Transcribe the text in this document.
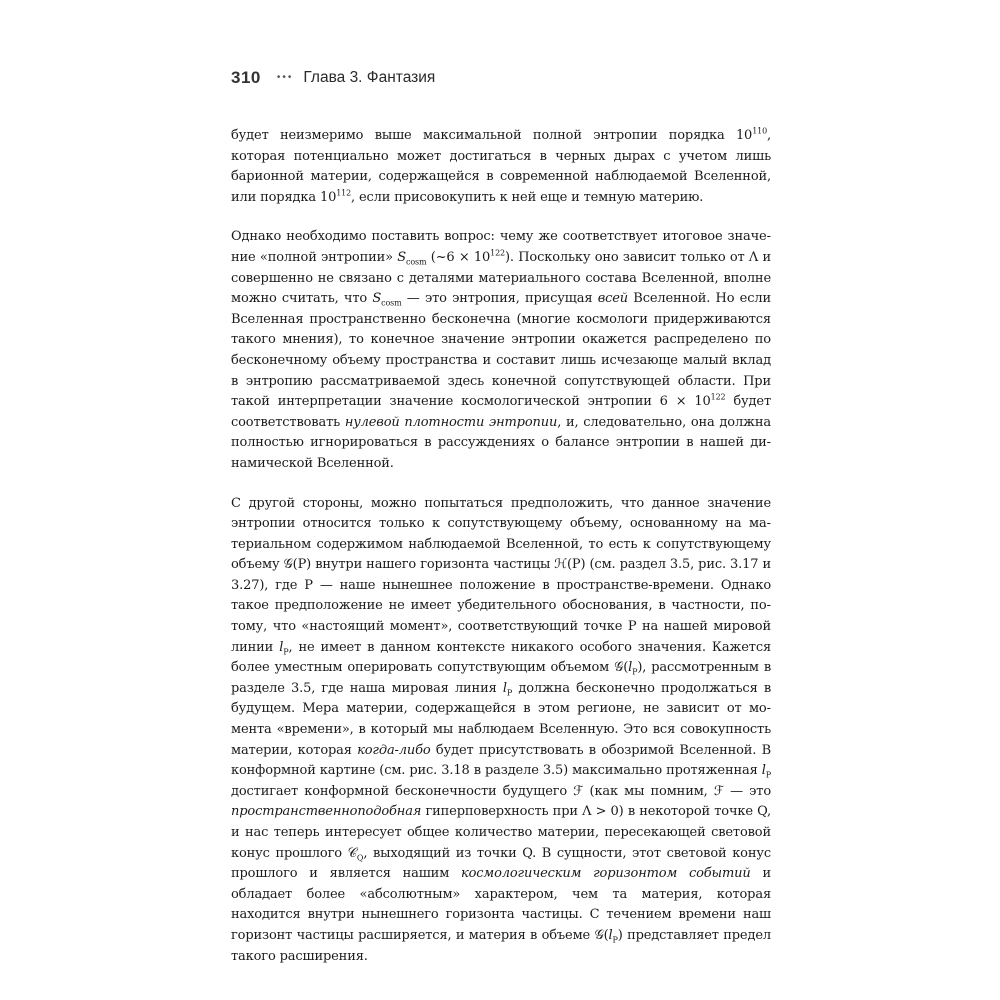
310 ••• Глава 3. Фантазия

будет неизмеримо выше максимальной полной энтропии порядка $10^{110}$, которая потенциально может достигаться в черных дырах с учетом лишь барионной материи, содержащейся в современной наблюдаемой Вселенной, или порядка $10^{112}$, если присовокупить к ней еще и темную материю.

Однако необходимо поставить вопрос: чему же соответствует итоговое значение «полной энтропии» $S_{cosm}$ (~6 × $10^{122}$). Поскольку оно зависит только от Λ и совершенно не связано с деталями материального состава Вселенной, вполне можно считать, что $S_{cosm}$ — это энтропия, присущая всей Вселенной. Но если Вселенная пространственно бесконечна (многие космологи придерживаются такого мнения), то конечное значение энтропии окажется распределено по бесконечному объему пространства и составит лишь исчезающе малый вклад в энтропию рассматриваемой здесь конечной сопутствующей области. При такой интерпретации значение космологической энтропии $6 \times 10^{122}$ будет соответствовать нулевой плотности энтропии, и, следовательно, она должна полностью игнорироваться в рассуждениях о балансе энтропии в нашей динамической Вселенной.

С другой стороны, можно попытаться предположить, что данное значение энтропии относится только к сопутствующему объему, основанному на материальном содержимом наблюдаемой Вселенной, то есть к сопутствующему объему 𝒢(P) внутри нашего горизонта частицы ℋ(P) (см. раздел 3.5, рис. 3.17 и 3.27), где P — наше нынешнее положение в пространстве-времени. Однако такое предположение не имеет убедительного обоснования, в частности, потому, что «настоящий момент», соответствующий точке P на нашей мировой линии $l_P$, не имеет в данном контексте никакого особого значения. Кажется более уместным оперировать сопутствующим объемом $𝒢(l_P)$, рассмотренным в разделе 3.5, где наша мировая линия $l_P$ должна бесконечно продолжаться в будущем. Мера материи, содержащейся в этом регионе, не зависит от момента «времени», в который мы наблюдаем Вселенную. Это вся совокупность материи, которая когда-либо будет присутствовать в обозримой Вселенной. В конформной картине (см. рис. 3.18 в разделе 3.5) максимально протяженная $l_P$ достигает конформной бесконечности будущего ℱ (как мы помним, ℱ — это пространственноподобная гиперповерхность при Λ > 0) в некоторой точке Q, и нас теперь интересует общее количество материи, пересекающей световой конус прошлого 𝒞$_Q$, выходящий из точки Q. В сущности, этот световой конус прошлого и является нашим космологическим горизонтом событий и обладает более «абсолютным» характером, чем та материя, которая находится внутри нынешнего горизонта частицы. С течением времени наш горизонт частицы расширяется, и материя в объеме $𝒢(l_P)$ представляет предел такого расширения.
